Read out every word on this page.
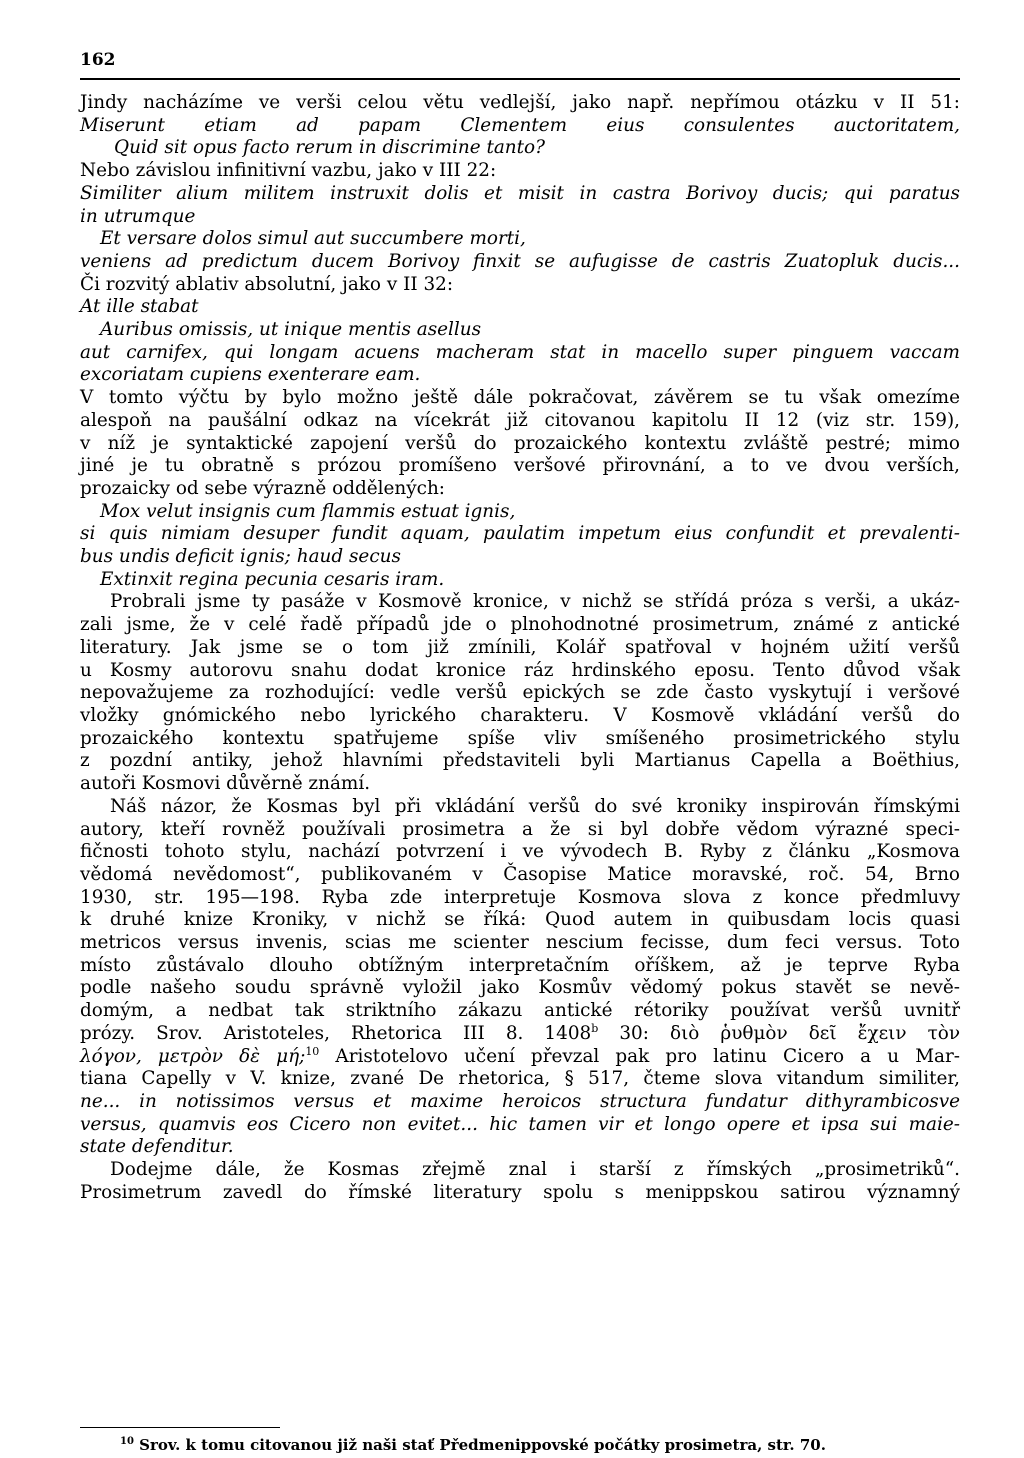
162

Jindy nacházíme ve verši celou větu vedlejší, jako např. nepřímou otázku v II 51:

Miserunt etiam ad papam Clementem eius consulentes auctoritatem,

Quid sit opus facto rerum in discrimine tanto?

Nebo závislou infinitivní vazbu, jako v III 22:

Similiter alium militem instruxit dolis et misit in castra Borivoy ducis; qui paratus

in utrumque

Et versare dolos simul aut succumbere morti,

veniens ad predictum ducem Borivoy finxit se aufugisse de castris Zuatopluk ducis...

Či rozvitý ablativ absolutní, jako v II 32:

At ille stabat

Auribus omissis, ut inique mentis asellus

aut carnifex, qui longam acuens macheram stat in macello super pinguem vaccam

excoriatam cupiens exenterare eam.

V tomto výčtu by bylo možno ještě dále pokračovat, závěrem se tu však omezíme

alespoň na paušální odkaz na vícekrát již citovanou kapitolu II 12 (viz str. 159),

v níž je syntaktické zapojení veršů do prozaického kontextu zvláště pestré; mimo

jiné je tu obratně s prózou promíšeno veršové přirovnání, a to ve dvou verších,

prozaicky od sebe výrazně oddělených:

Mox velut insignis cum flammis estuat ignis,

si quis nimiam desuper fundit aquam, paulatim impetum eius confundit et prevalenti-

bus undis deficit ignis; haud secus

Extinxit regina pecunia cesaris iram.

Probrali jsme ty pasáže v Kosmově kronice, v nichž se střídá próza s verši, a ukáz-

zali jsme, že v celé řadě případů jde o plnohodnotné prosimetrum, známé z antické

literatury. Jak jsme se o tom již zmínili, Kolář spatřoval v hojném užití veršů

u Kosmy autorovu snahu dodat kronice ráz hrdinského eposu. Tento důvod však

nepovažujeme za rozhodující: vedle veršů epických se zde často vyskytují i veršové

vložky gnómického nebo lyrického charakteru. V Kosmově vkládání veršů do

prozaického kontextu spatřujeme spíše vliv smíšeného prosimetrického stylu

z pozdní antiky, jehož hlavními představiteli byli Martianus Capella a Boëthius,

autoři Kosmovi důvěrně známí.

Náš názor, že Kosmas byl při vkládání veršů do své kroniky inspirován římskými

autory, kteří rovněž používali prosimetra a že si byl dobře vědom výrazné speci-

fičnosti tohoto stylu, nachází potvrzení i ve vývodech B. Ryby z článku „Kosmova

vědomá nevědomost“, publikovaném v Časopise Matice moravské, roč. 54, Brno

1930, str. 195—198. Ryba zde interpretuje Kosmova slova z konce předmluvy

k druhé knize Kroniky, v nichž se říká: Quod autem in quibusdam locis quasi

metricos versus invenis, scias me scienter nescium fecisse, dum feci versus. Toto

místo zůstávalo dlouho obtížným interpretačním oříškem, až je teprve Ryba

podle našeho soudu správně vyložil jako Kosmův vědomý pokus stavět se nevě-

domým, a nedbat tak striktního zákazu antické rétoriky používat veršů uvnitř

prózy. Srov. Aristoteles, Rhetorica III 8. 1408$^b$ 30: διὸ ῥυθμὸν δεῖ ἔχειν τὸν

λόγον, μετρὸν δὲ μή;$^{10}$ Aristotelovo učení převzal pak pro latinu Cicero a u Mar-

tiana Capelly v V. knize, zvané De rhetorica, § 517, čteme slova vitandum similiter,

ne... in notissimos versus et maxime heroicos structura fundatur dithyrambicosve

versus, quamvis eos Cicero non evitet... hic tamen vir et longo opere et ipsa sui maie-

state defenditur.

Dodejme dále, že Kosmas zřejmě znal i starší z římských „prosimetriků“.

Prosimetrum zavedl do římské literatury spolu s menippskou satirou významný

$^{10}$ Srov. k tomu citovanou již naši stať Předmenippovské počátky prosimetra, str. 70.
